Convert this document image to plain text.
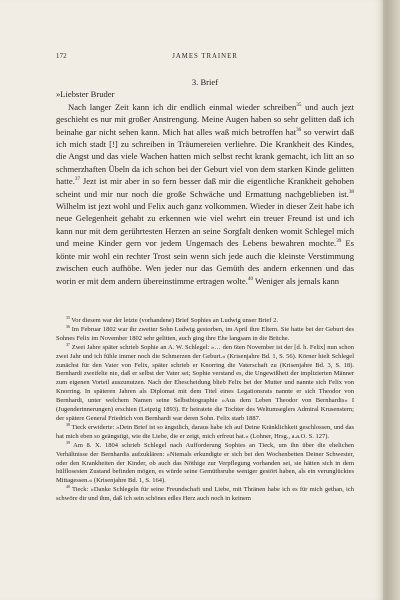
172	JAMES TRAINER
3. Brief

»Liebster Bruder

Nach langer Zeit kann ich dir endlich einmal wieder schreiben$^{35}$ und auch jezt geschieht es nur mit großer Anstrengung. Meine Augen haben so sehr gelitten daß ich beinahe gar nicht sehen kann. Mich hat alles waß mich betroffen hat$^{36}$ so verwirt daß ich mich stadt [!] zu schreiben in Träumereien verliehre. Die Krankheit des Kindes, die Angst und das viele Wachen hatten mich selbst recht krank gemacht, ich litt an so schmerzhaften Übeln da ich schon bei der Geburt viel von dem starken Kinde gelitten hatte.$^{37}$ Jezt ist mir aber in so fern besser daß mir die eigentliche Krankheit gehoben scheint und mir nur noch die große Schwäche und Ermattung nachgeblieben ist.$^{38}$ Wilhelm ist jezt wohl und Felix auch ganz volkommen. Wieder in dieser Zeit habe ich neue Gelegenheit gehabt zu erkennen wie viel wehrt ein treuer Freund ist und ich kann nur mit dem gerührtesten Herzen an seine Sorgfalt denken womit Schlegel mich und meine Kinder gern vor jedem Ungemach des Lebens bewahren mochte.$^{39}$ Es könte mir wohl ein rechter Trost sein wenn sich jede auch die kleinste Verstimmung zwischen euch aufhöbe. Wen jeder nur das Gemüth des andern erkennen und das worin er mit dem andern übereinstimme ertragen wolte.$^{40}$ Weniger als jemals kann

$^{35}$ Vor diesem war der letzte (vorhandene) Brief Sophies an Ludwig unser Brief 2.

$^{36}$ Im Februar 1802 war ihr zweiter Sohn Ludwig gestorben, im April ihre Eltern. Sie hatte bei der Geburt des Sohnes Felix im November 1802 sehr gelitten, auch ging ihre Ehe langsam in die Brüche.

$^{37}$ Zwei Jahre später schrieb Sophie an A. W. Schlegel: »… den 6ten November ist der [d. h. Felix] nun schon zwei Jahr und ich fühle immer noch die Schmerzen der Geburt.« (Krisenjahre Bd. 1, S. 56). Körner hielt Schlegel zunächst für den Vater von Felix, später schrieb er Knorring die Vaterschaft zu (Krisenjahre Bd. 3, S. 18). Bernhardi zweifelte nie, daß er selbst der Vater sei; Sophie verstand es, die Ungewißheit der implizierten Männer zum eigenen Vorteil auszunutzen. Nach der Ehescheidung blieb Felix bei der Mutter und nannte sich Felix von Knorring. In späteren Jahren als Diplomat mit dem Titel eines Legationsrats nannte er sich Theodor von Bernhardi, unter welchem Namen seine Selbstbiographie »Aus dem Leben Theodor von Bernhardis« I (Jugenderinnerungen) erschien (Leipzig 1893). Er heiratete die Tochter des Weltumseglers Admiral Krusenstern; der spätere General Friedrich von Bernhardi war deren Sohn. Felix starb 1887.

$^{38}$ Tieck erwiderte: »Dein Brief ist so ängstlich, daraus habe ich auf Deine Kränklichkeit geschlossen, und das hat mich eben so geängstigt, wie die Liebe, die er zeigt, mich erfreut hat.« (Lohner, Hrsg., a.a.O. S. 127).

$^{39}$ Am 8. X. 1804 schrieb Schlegel nach Aufforderung Sophies an Tieck, um ihn über die ehelichen Verhältnisse der Bernhardis aufzuklären: »Niemals erkundigte er sich bei den Wochenbetten Deiner Schwester, oder den Krankheiten der Kinder, ob auch das Nöthige zur Verpflegung vorhanden sei, sie hätten sich in dem hülflosesten Zustand befinden mögen, es würde seine Gemüthsruhe weniger gestört haben, als ein verunglücktes Mittagessen.« (Krisenjahre Bd. 1, S. 164).

$^{40}$ Tieck: »Danke Schlegeln für seine Freundschaft und Liebe, mit Thränen habe ich es für mich gethan, ich schwöre dir und ihm, daß ich sein schönes edles Herz auch noch in keinem
